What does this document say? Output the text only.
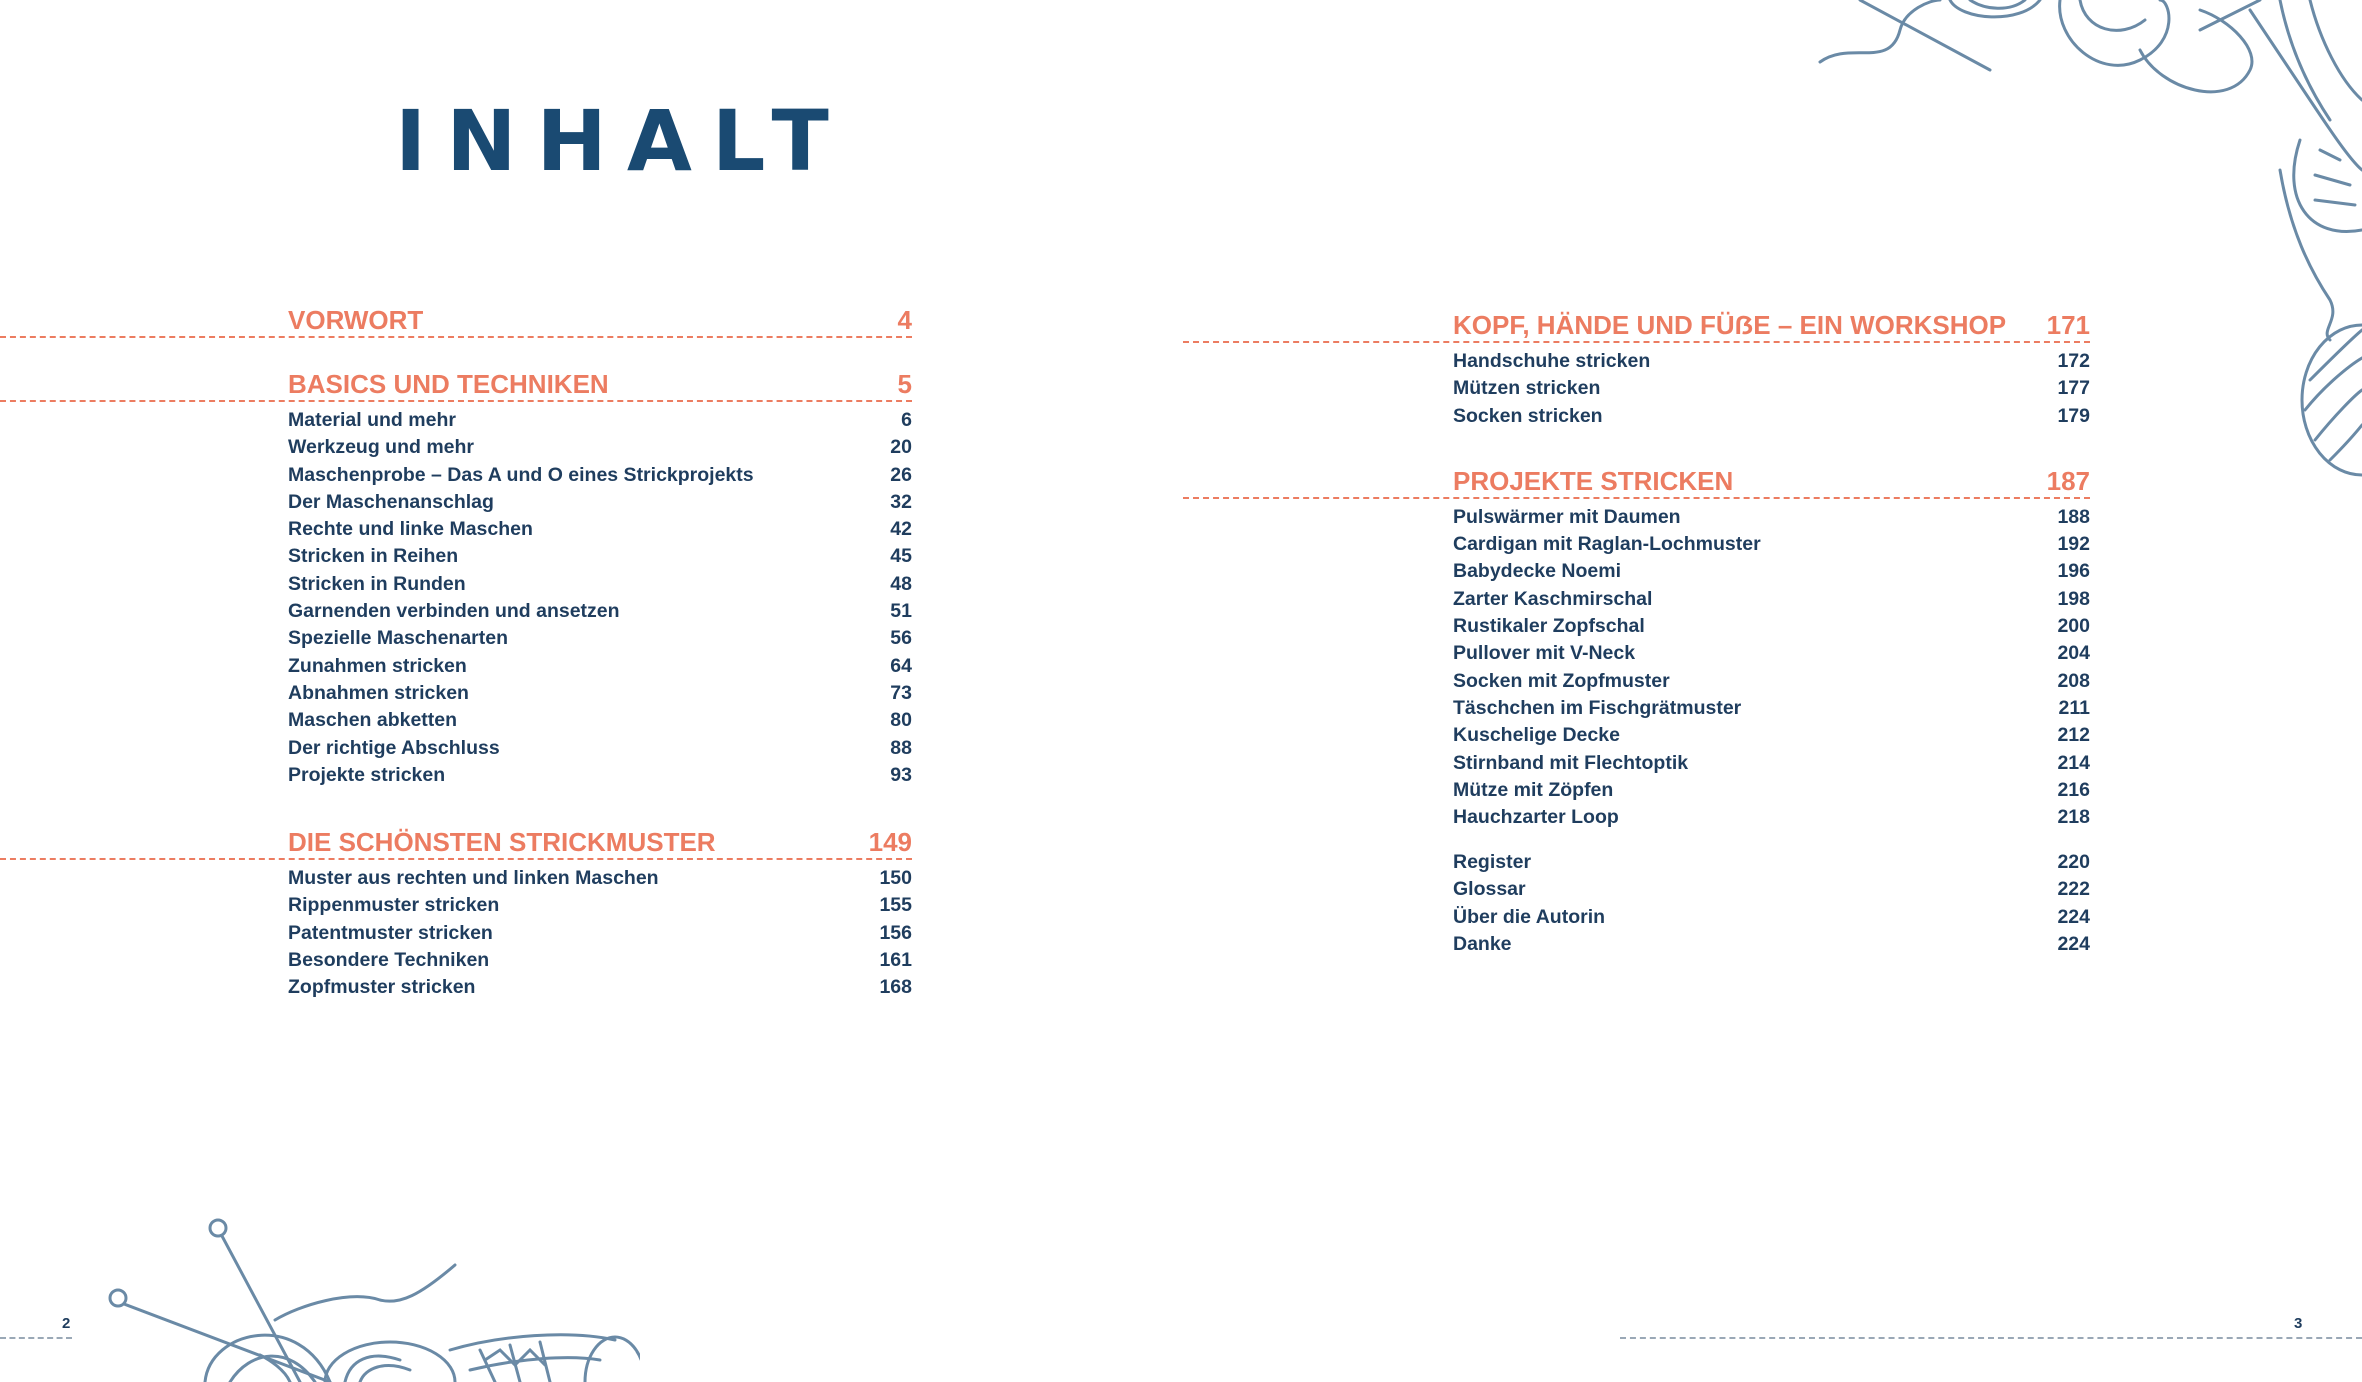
INHALT
VORWORT	4
BASICS UND TECHNIKEN	5
Material und mehr	6
Werkzeug und mehr	20
Maschenprobe – Das A und O eines Strickprojekts	26
Der Maschenanschlag	32
Rechte und linke Maschen	42
Stricken in Reihen	45
Stricken in Runden	48
Garnenden verbinden und ansetzen	51
Spezielle Maschenarten	56
Zunahmen stricken	64
Abnahmen stricken	73
Maschen abketten	80
Der richtige Abschluss	88
Projekte stricken	93
DIE SCHÖNSTEN STRICKMUSTER	149
Muster aus rechten und linken Maschen	150
Rippenmuster stricken	155
Patentmuster stricken	156
Besondere Techniken	161
Zopfmuster stricken	168
KOPF, HÄNDE UND FÜẞE – EIN WORKSHOP 171
Handschuhe stricken	172
Mützen stricken	177
Socken stricken	179
PROJEKTE STRICKEN	187
Pulswärmer mit Daumen	188
Cardigan mit Raglan-Lochmuster	192
Babydecke Noemi	196
Zarter Kaschmirschal	198
Rustikaler Zopfschal	200
Pullover mit V-Neck	204
Socken mit Zopfmuster	208
Täschchen im Fischgrätmuster	211
Kuschelige Decke	212
Stirnband mit Flechtoptik	214
Mütze mit Zöpfen	216
Hauchzarter Loop	218
Register	220
Glossar	222
Über die Autorin	224
Danke	224
2	3
